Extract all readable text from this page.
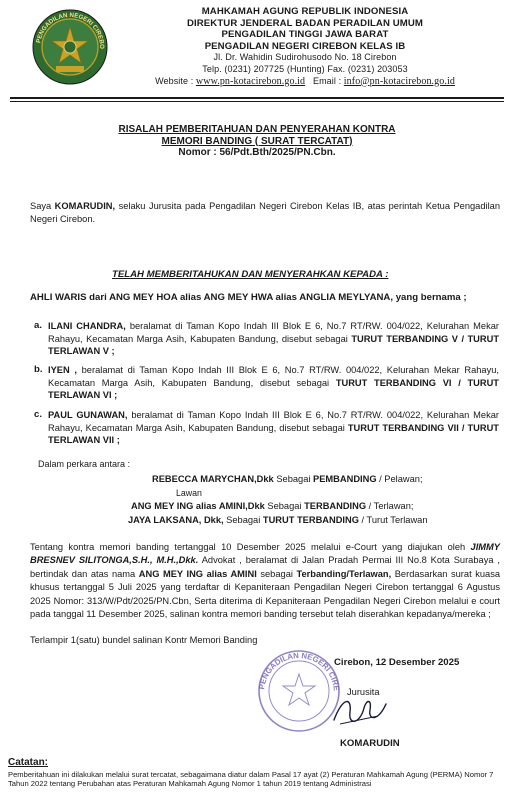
PENGADILAN NEGERI CIREBO
MAHKAMAH AGUNG REPUBLIK INDONESIA
DIREKTUR JENDERAL BADAN PERADILAN UMUM
PENGADILAN TINGGI JAWA BARAT
PENGADILAN NEGERI CIREBON KELAS IB
Jl. Dr. Wahidin Sudirohusodo No. 18 Cirebon
Telp. (0231) 207725 (Hunting) Fax. (0231) 203053
Website : www.pn-kotacirebon.go.id Email : info@pn-kotacirebon.go.id
RISALAH PEMBERITAHUAN DAN PENYERAHAN KONTRA
MEMORI BANDING ( SURAT TERCATAT)
Nomor : 56/Pdt.Bth/2025/PN.Cbn.
Saya KOMARUDIN, selaku Jurusita pada Pengadilan Negeri Cirebon Kelas IB, atas perintah Ketua Pengadilan Negeri Cirebon.
TELAH MEMBERITAHUKAN DAN MENYERAHKAN KEPADA :
AHLI WARIS dari ANG MEY HOA alias ANG MEY HWA alias ANGLIA MEYLYANA, yang bernama ;
a. ILANI CHANDRA, beralamat di Taman Kopo Indah III Blok E 6, No.7 RT/RW. 004/022, Kelurahan Mekar Rahayu, Kecamatan Marga Asih, Kabupaten Bandung, disebut sebagai TURUT TERBANDING V / TURUT TERLAWAN V ;
b. IYEN , beralamat di Taman Kopo Indah III Blok E 6, No.7 RT/RW. 004/022, Kelurahan Mekar Rahayu, Kecamatan Marga Asih, Kabupaten Bandung, disebut sebagai TURUT TERBANDING VI / TURUT TERLAWAN VI ;
c. PAUL GUNAWAN, beralamat di Taman Kopo Indah III Blok E 6, No.7 RT/RW. 004/022, Kelurahan Mekar Rahayu, Kecamatan Marga Asih, Kabupaten Bandung, disebut sebagai TURUT TERBANDING VII / TURUT TERLAWAN VII ;
Dalam perkara antara :
REBECCA MARYCHAN,Dkk Sebagai PEMBANDING / Pelawan;
Lawan
ANG MEY ING alias AMINI,Dkk Sebagai TERBANDING / Terlawan;
JAYA LAKSANA, Dkk, Sebagai TURUT TERBANDING / Turut Terlawan
Tentang kontra memori banding tertanggal 10 Desember 2025 melalui e-Court yang diajukan oleh JIMMY BRESNEV SILITONGA,S.H., M.H.,Dkk. Advokat , beralamat di Jalan Pradah Permai III No.8 Kota Surabaya , bertindak dan atas nama ANG MEY ING alias AMINI sebagai Terbanding/Terlawan, Berdasarkan surat kuasa khusus tertanggal 5 Juli 2025 yang terdaftar di Kepaniteraan Pengadilan Negeri Cirebon tertanggal 6 Agustus 2025 Nomor: 313/W/Pdt/2025/PN.Cbn, Serta diterima di Kepaniteraan Pengadilan Negeri Cirebon melalui e court pada tanggal 11 Desember 2025, salinan kontra memori banding tersebut telah diserahkan kepadanya/mereka ;
Terlampir 1(satu) bundel salinan Kontr Memori Banding
PENGADILAN NEGERI CIRE
Cirebon, 12 Desember 2025
Jurusita
KOMARUDIN
Catatan:
Pemberitahuan ini dilakukan melalui surat tercatat, sebagaimana diatur dalam Pasal 17 ayat (2) Peraturan Mahkamah Agung (PERMA) Nomor 7 Tahun 2022 tentang Perubahan atas Peraturan Mahkamah Agung Nomor 1 tahun 2019 tentang Administrasi
